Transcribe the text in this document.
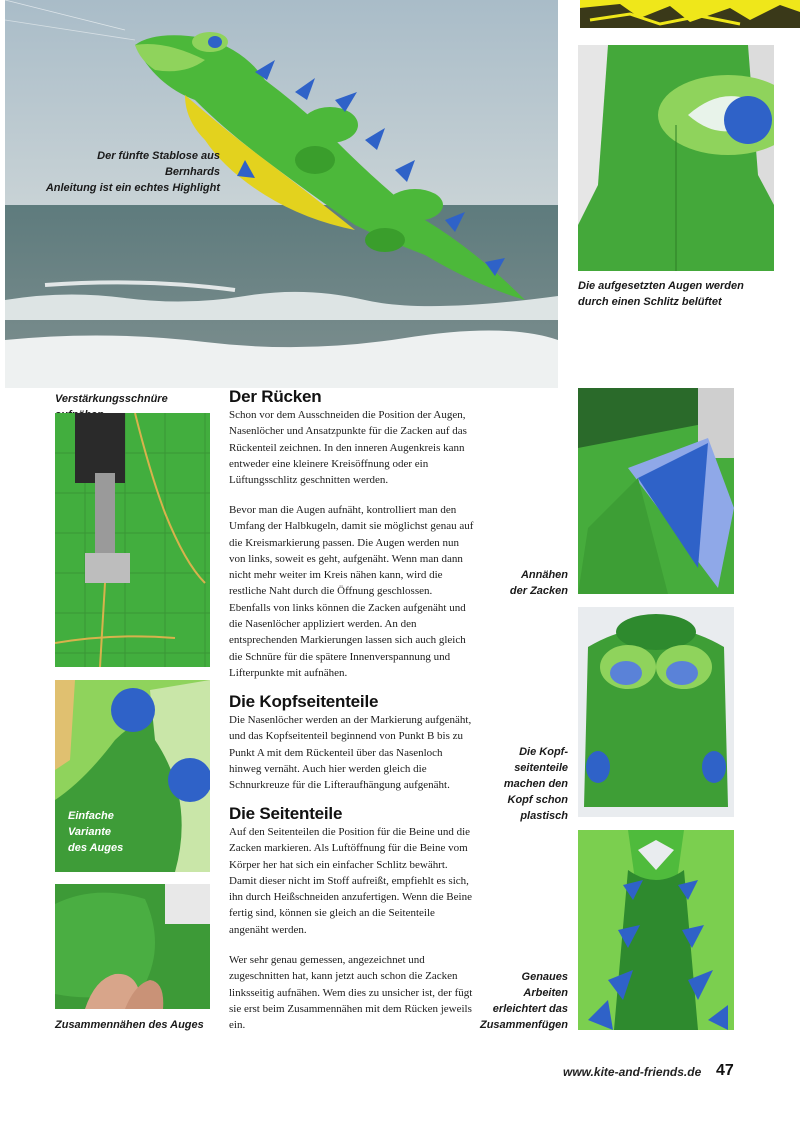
Der fünfte Stablose aus Bernhards
Anleitung ist ein echtes Highlight
Die aufgesetzten Augen werden
durch einen Schlitz belüftet
Verstärkungsschnüre
Einfache
Variante
des Auges
Zusammennähen des Auges
Der Rücken

Schon vor dem Ausschneiden die Position der Augen, Nasenlöcher und Ansatzpunkte für die Zacken auf das Rückenteil zeichnen. In den inneren Augenkreis kann entweder eine kleinere Kreisöffnung oder ein Lüftungsschlitz geschnitten werden.

Bevor man die Augen aufnäht, kontrolliert man den Umfang der Halbkugeln, damit sie möglichst genau auf die Kreismarkierung passen. Die Augen werden nun von links, soweit es geht, aufgenäht. Wenn man dann nicht mehr weiter im Kreis nähen kann, wird die restliche Naht durch die Öffnung geschlossen. Ebenfalls von links können die Zacken aufgenäht und die Nasenlöcher appliziert werden. An den entsprechenden Markierungen lassen sich auch gleich die Schnüre für die spätere Innenverspannung und Lifterpunkte mit aufnähen.

Die Kopfseitenteile

Die Nasenlöcher werden an der Markierung aufgenäht, und das Kopfseitenteil beginnend von Punkt B bis zu Punkt A mit dem Rückenteil über das Nasenloch hinweg vernäht. Auch hier werden gleich die Schnurkreuze für die Lifteraufhängung aufgenäht.

Die Seitenteile

Auf den Seitenteilen die Position für die Beine und die Zacken markieren. Als Luftöffnung für die Beine vom Körper her hat sich ein einfacher Schlitz bewährt. Damit dieser nicht im Stoff aufreißt, empfiehlt es sich, ihn durch Heißschneiden anzufertigen. Wenn die Beine fertig sind, können sie gleich an die Seitenteile angenäht werden.

Wer sehr genau gemessen, angezeichnet und zugeschnitten hat, kann jetzt auch schon die Zacken linksseitig aufnähen. Wem dies zu unsicher ist, der fügt sie erst beim Zusammennähen mit dem Rücken jeweils ein.

Annähen
der Zacken
Die Kopf-
seitenteile
machen den
Kopf schon
plastisch
Genaues
Arbeiten
erleichtert das
Zusammenfügen
www.kite-and-friends.de 47
